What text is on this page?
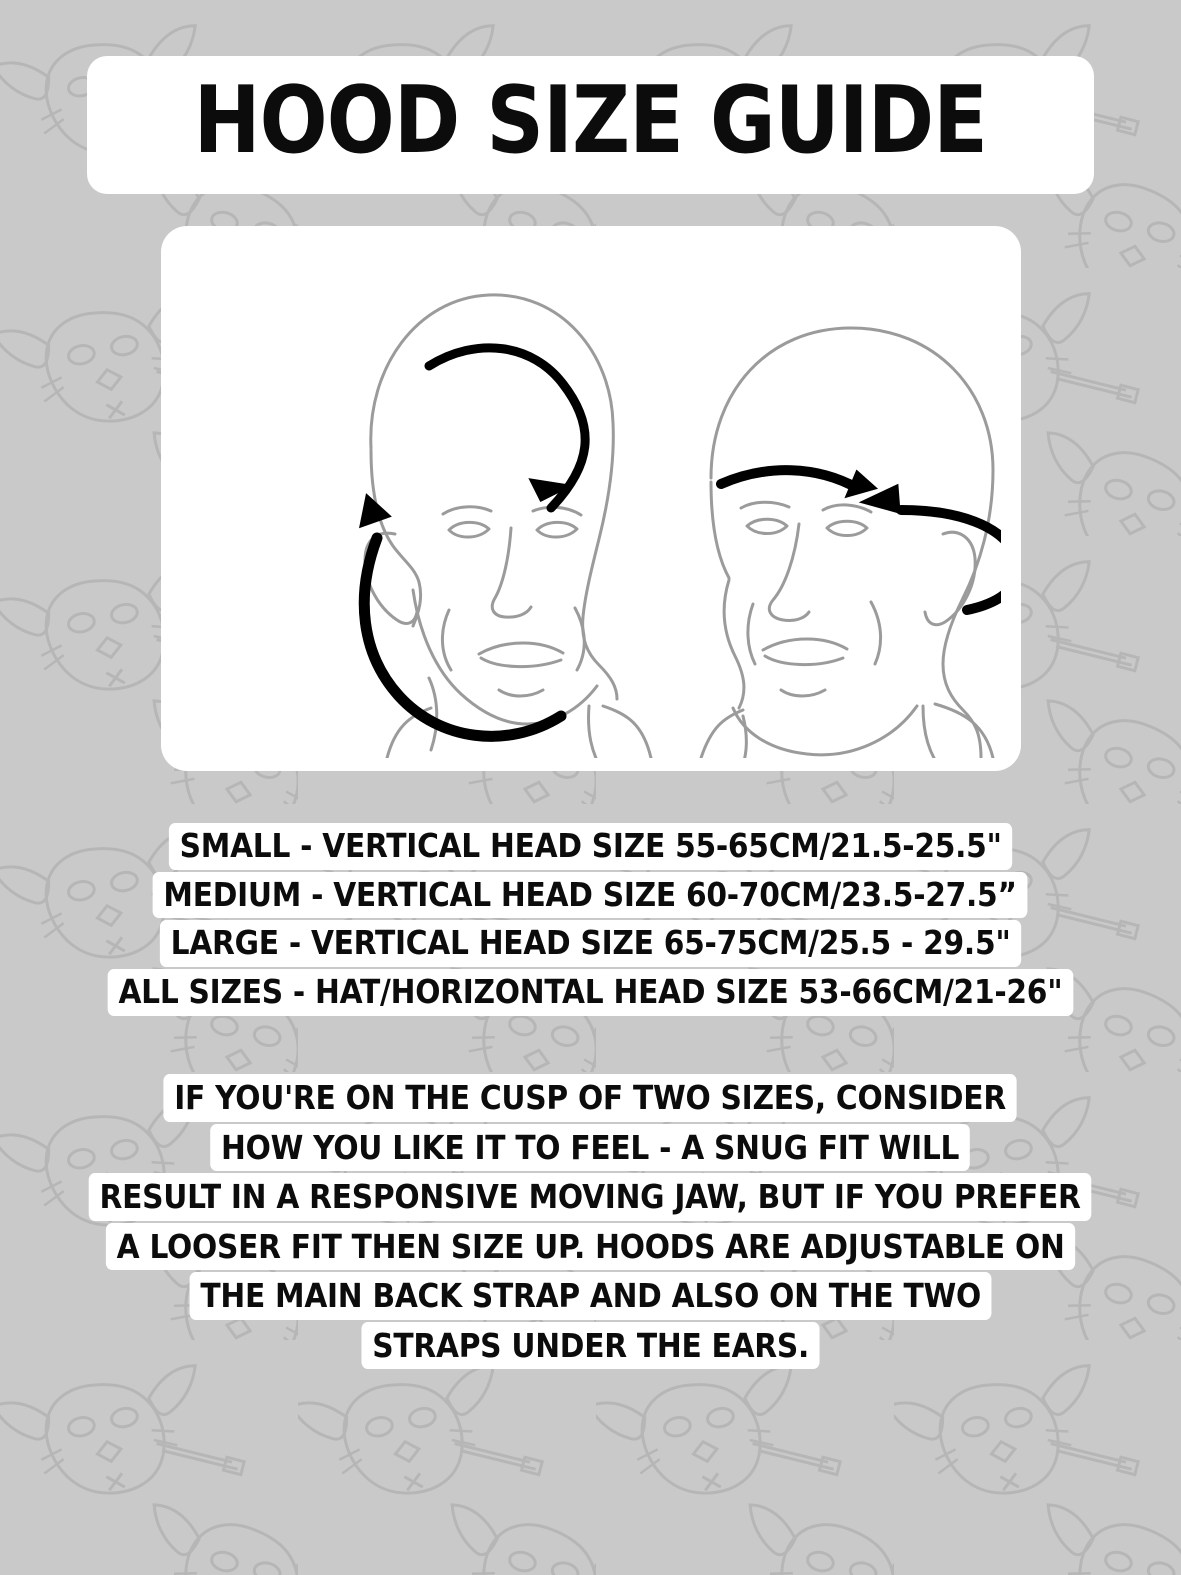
HOOD SIZE GUIDE
SMALL - VERTICAL HEAD SIZE 55-65CM/21.5-25.5"
MEDIUM - VERTICAL HEAD SIZE 60-70CM/23.5-27.5”
LARGE - VERTICAL HEAD SIZE 65-75CM/25.5 - 29.5"
ALL SIZES - HAT/HORIZONTAL HEAD SIZE 53-66CM/21-26"
IF YOU'RE ON THE CUSP OF TWO SIZES, CONSIDER
HOW YOU LIKE IT TO FEEL - A SNUG FIT WILL
RESULT IN A RESPONSIVE MOVING JAW, BUT IF YOU PREFER
A LOOSER FIT THEN SIZE UP. HOODS ARE ADJUSTABLE ON
THE MAIN BACK STRAP AND ALSO ON THE TWO
STRAPS UNDER THE EARS.
